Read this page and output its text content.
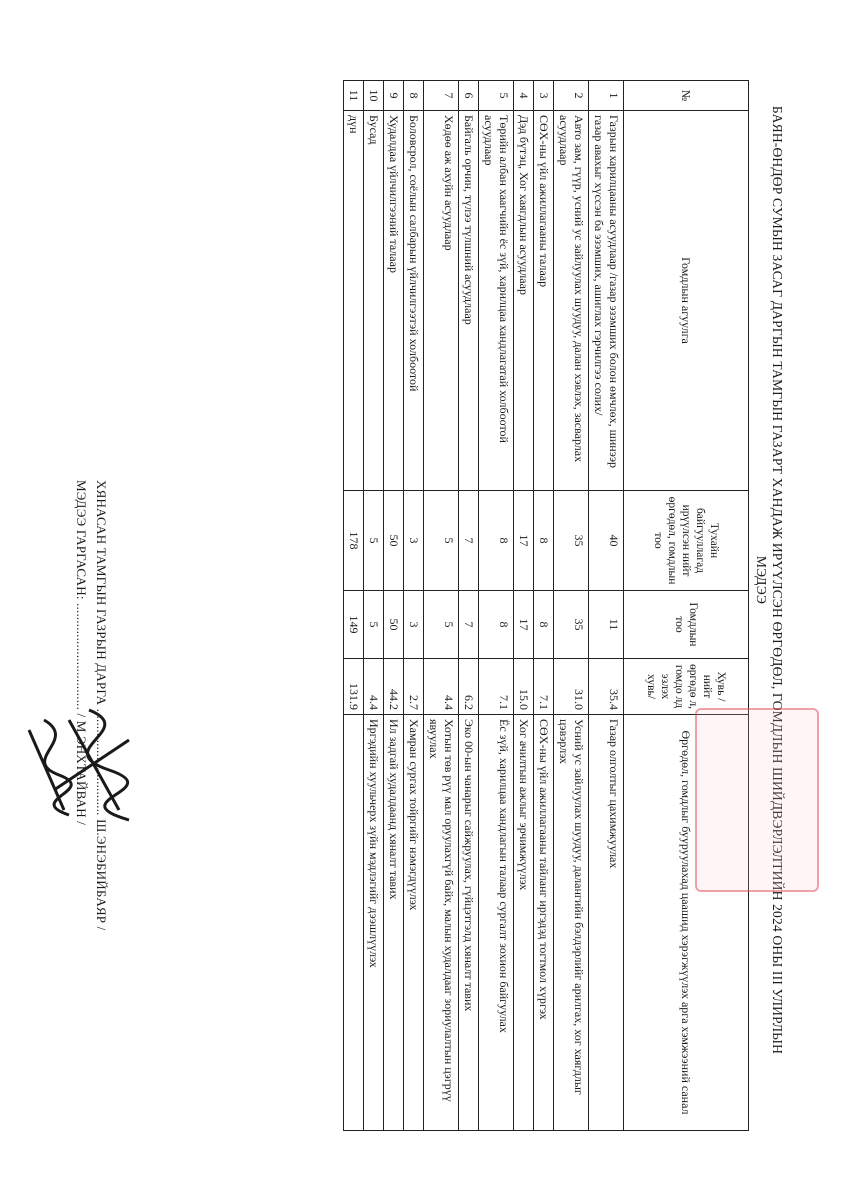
БАЯН-ӨНДӨР СУМЫН ЗАСАГ ДАРГЫН ТАМГЫН ГАЗАРТ ХАНДАЖ ИРҮҮЛСЭН ӨРГӨДӨЛ, ГОМДЛЫН ШИЙДВЭРЛЭЛТИЙН 2024 ОНЫ III УЛИРЛЫН
МЭДЭЭ
№	Гомдлын агуулга	Тухайн байгууллагад ирүүлсэн нийт өргөдөл, гомдлын тоо	Гомдлын тоо	Хувь /нийт өргөдө л, гомдо лд эзлэх хувь/	Өргөдөл, гомдлыг бууруулахад цаашид хэрэгжүүлэх арга хэмжээний санал
1	Газрын харилцааны асуудлаар /газар эзэмших болон өмчлөх, шинээр газар авахыг хүссэн ба эзэмших, ашиглах гэрчилгээ солих/	40	11	35.4	Газар олголтыг цахимжуулах
2	Авто зам, гүүр, усний ус зайлуулах шуудуу, далан хэвлэх, засварлах асуудлаар	35	35	31.0	Усний ус зайлуулах шуудуу, далангийн бэлдэрлийг арилгах, хог хаягдлыг цэвэрлэх
3	СӨХ-ны үйл ажиллагааны талаар	8	8	7.1	СӨХ-ны үйл ажиллагааны тайланг иргэдэд тогтмол хүргэх
4	Дэд бүтэц, Хог хаягдлын асуудлаар	17	17	15.0	Хог ачилтын ажлыг эрчимжүүлэх
5	Төрийн албан хаагчийн ёс зүй, харилцаа хандлагатай холбоотой асуудлаар	8	8	7.1	Ёс зүй, харилцаа хандлагын талаар сургалт зохион байгуулах
6	Байгаль орчин, түлээ түлшний асуудлаар	7	7	6.2	Эко 00-ын чанарыг сайжруулах, гүйцэтгэлд хяналт тавих
7	Хөдөө аж ахуйн асуудлаар	5	5	4.4	Хотын төв рүү мал оруулахгүй байх, малын худалдааг зориулалтын цэгрүү явуулах
8	Боловсрол, соёлын салбарын үйлчилгээтэй холбоотой	3	3	2.7	Хамран сургах тойргийг нэмэгдүүлэх
9	Худалдаа үйлчилгээний талаар	50	50	44.2	Ил задгай худалдаанд хяналт тавих
10	Бусад	5	5	4.4	Иргэдийн хуульчерх зүйн мэдлэгийг дээшлүүлэх
11	дүн	178	149	131.9	
ХЯНАСАН ТАМГЫН ГАЗРЫН ДАРГА ............................... Ш.ЭНЭБИЙБАЯР /
МЭДЭЭ ГАРГАСАН: ............................... / М.ЭНХТАЙВАН /
